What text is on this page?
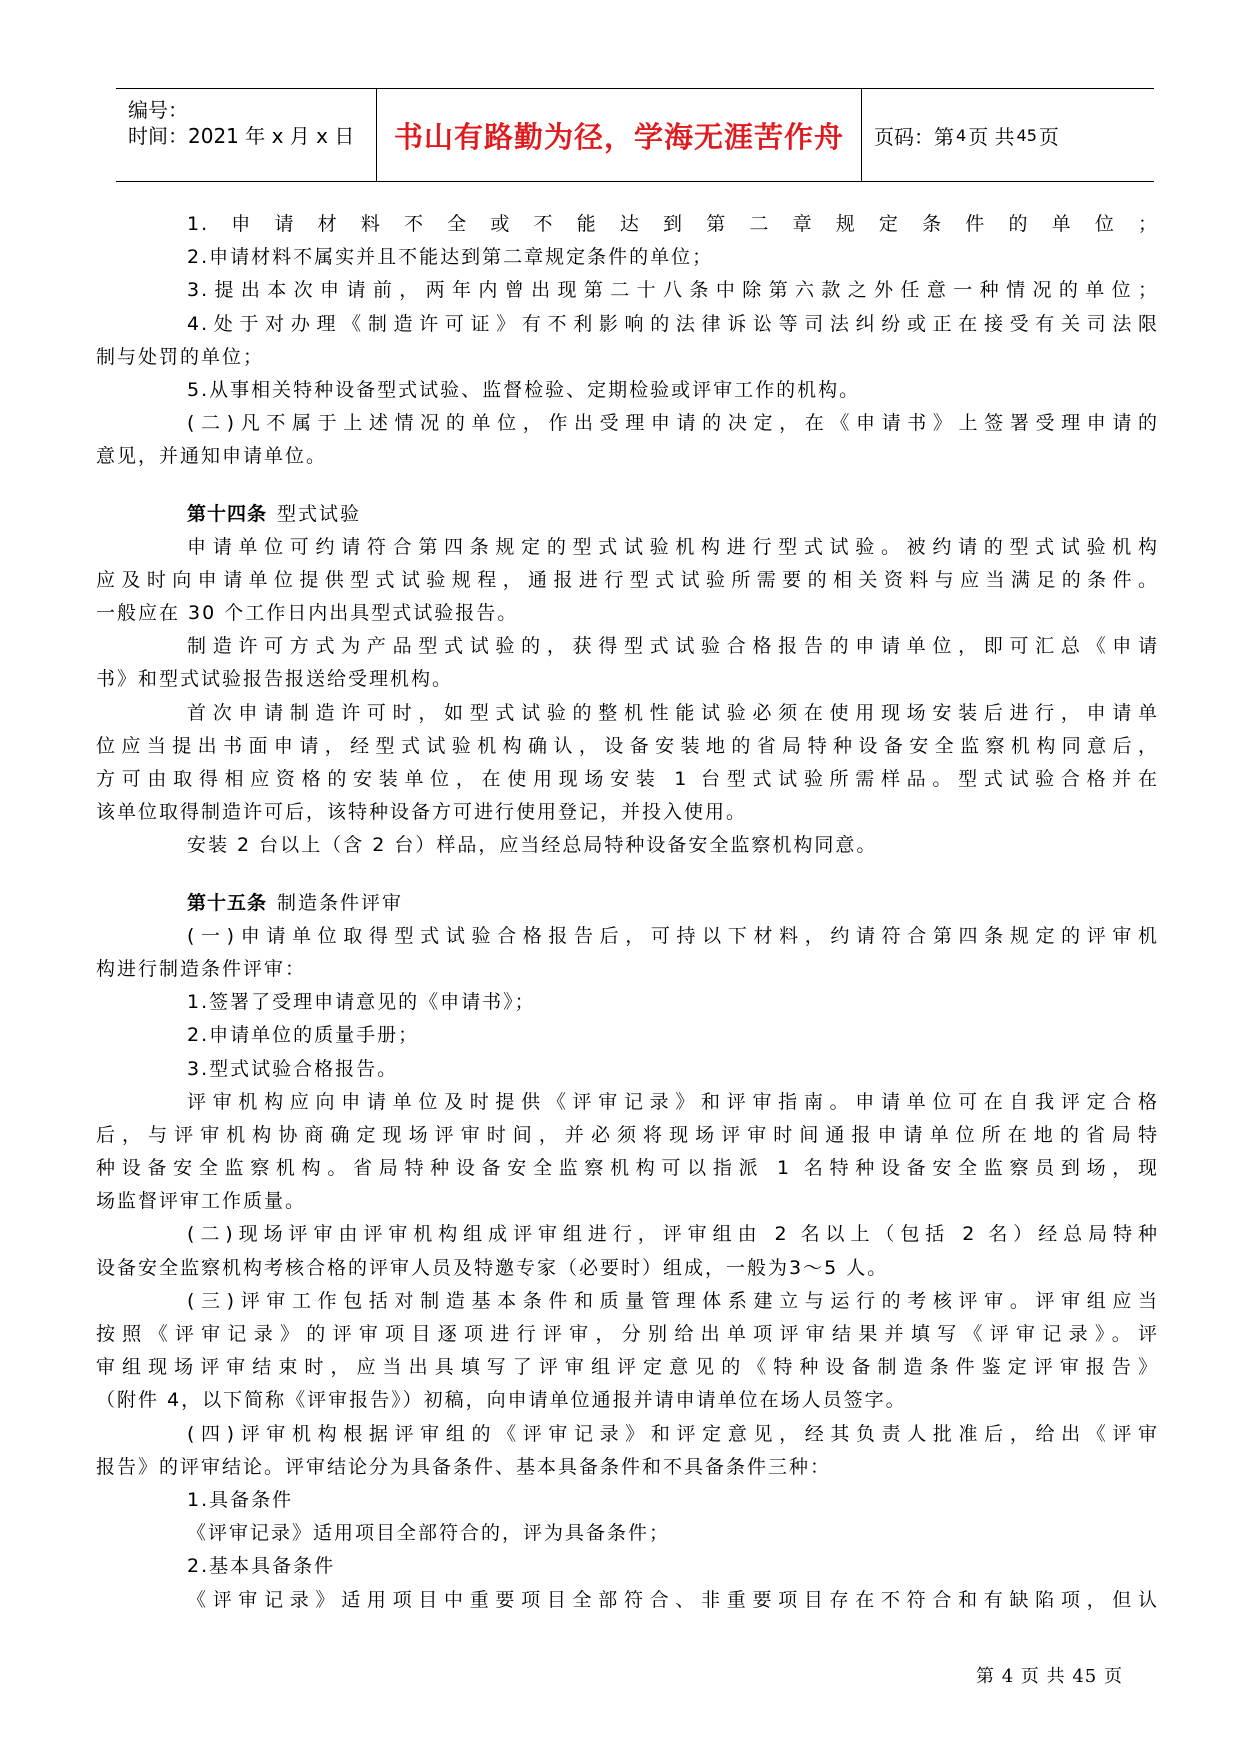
编号：
时间：2021 年 x 月 x 日 书山有路勤为径，学海无涯苦作舟 页码：第 4 页 共 45 页
1.申请材料不全或不能达到第二章规定条件的单位；
2.申请材料不属实并且不能达到第二章规定条件的单位；
3.提出本次申请前，两年内曾出现第二十八条中除第六款之外任意一种情况的单位；
4.处于对办理《制造许可证》有不利影响的法律诉讼等司法纠纷或正在接受有关司法限
制与处罚的单位；
5.从事相关特种设备型式试验、监督检验、定期检验或评审工作的机构。
(二)凡不属于上述情况的单位，作出受理申请的决定，在《申请书》上签署受理申请的
意见，并通知申请单位。
第十四条 型式试验
申请单位可约请符合第四条规定的型式试验机构进行型式试验。被约请的型式试验机构
应及时向申请单位提供型式试验规程，通报进行型式试验所需要的相关资料与应当满足的条件。
一般应在 30 个工作日内出具型式试验报告。
制造许可方式为产品型式试验的，获得型式试验合格报告的申请单位，即可汇总《申请
书》和型式试验报告报送给受理机构。
首次申请制造许可时，如型式试验的整机性能试验必须在使用现场安装后进行，申请单
位应当提出书面申请，经型式试验机构确认，设备安装地的省局特种设备安全监察机构同意后，
方可由取得相应资格的安装单位，在使用现场安装 1 台型式试验所需样品。型式试验合格并在
该单位取得制造许可后，该特种设备方可进行使用登记，并投入使用。
安装 2 台以上（含 2 台）样品，应当经总局特种设备安全监察机构同意。
第十五条 制造条件评审
(一)申请单位取得型式试验合格报告后，可持以下材料，约请符合第四条规定的评审机
构进行制造条件评审：
1.签署了受理申请意见的《申请书》；
2.申请单位的质量手册；
3.型式试验合格报告。
评审机构应向申请单位及时提供《评审记录》和评审指南。申请单位可在自我评定合格
后，与评审机构协商确定现场评审时间，并必须将现场评审时间通报申请单位所在地的省局特
种设备安全监察机构。省局特种设备安全监察机构可以指派 1 名特种设备安全监察员到场，现
场监督评审工作质量。
(二)现场评审由评审机构组成评审组进行，评审组由 2 名以上（包括 2 名）经总局特种
设备安全监察机构考核合格的评审人员及特邀专家（必要时）组成，一般为3～5 人。
(三)评审工作包括对制造基本条件和质量管理体系建立与运行的考核评审。评审组应当
按照《评审记录》的评审项目逐项进行评审，分别给出单项评审结果并填写《评审记录》。评
审组现场评审结束时，应当出具填写了评审组评定意见的《特种设备制造条件鉴定评审报告》
（附件 4，以下简称《评审报告》）初稿，向申请单位通报并请申请单位在场人员签字。
(四)评审机构根据评审组的《评审记录》和评定意见，经其负责人批准后，给出《评审
报告》的评审结论。评审结论分为具备条件、基本具备条件和不具备条件三种：
1.具备条件
《评审记录》适用项目全部符合的，评为具备条件；
2.基本具备条件
《评审记录》适用项目中重要项目全部符合、非重要项目存在不符合和有缺陷项，但认
第 4 页 共 45 页
